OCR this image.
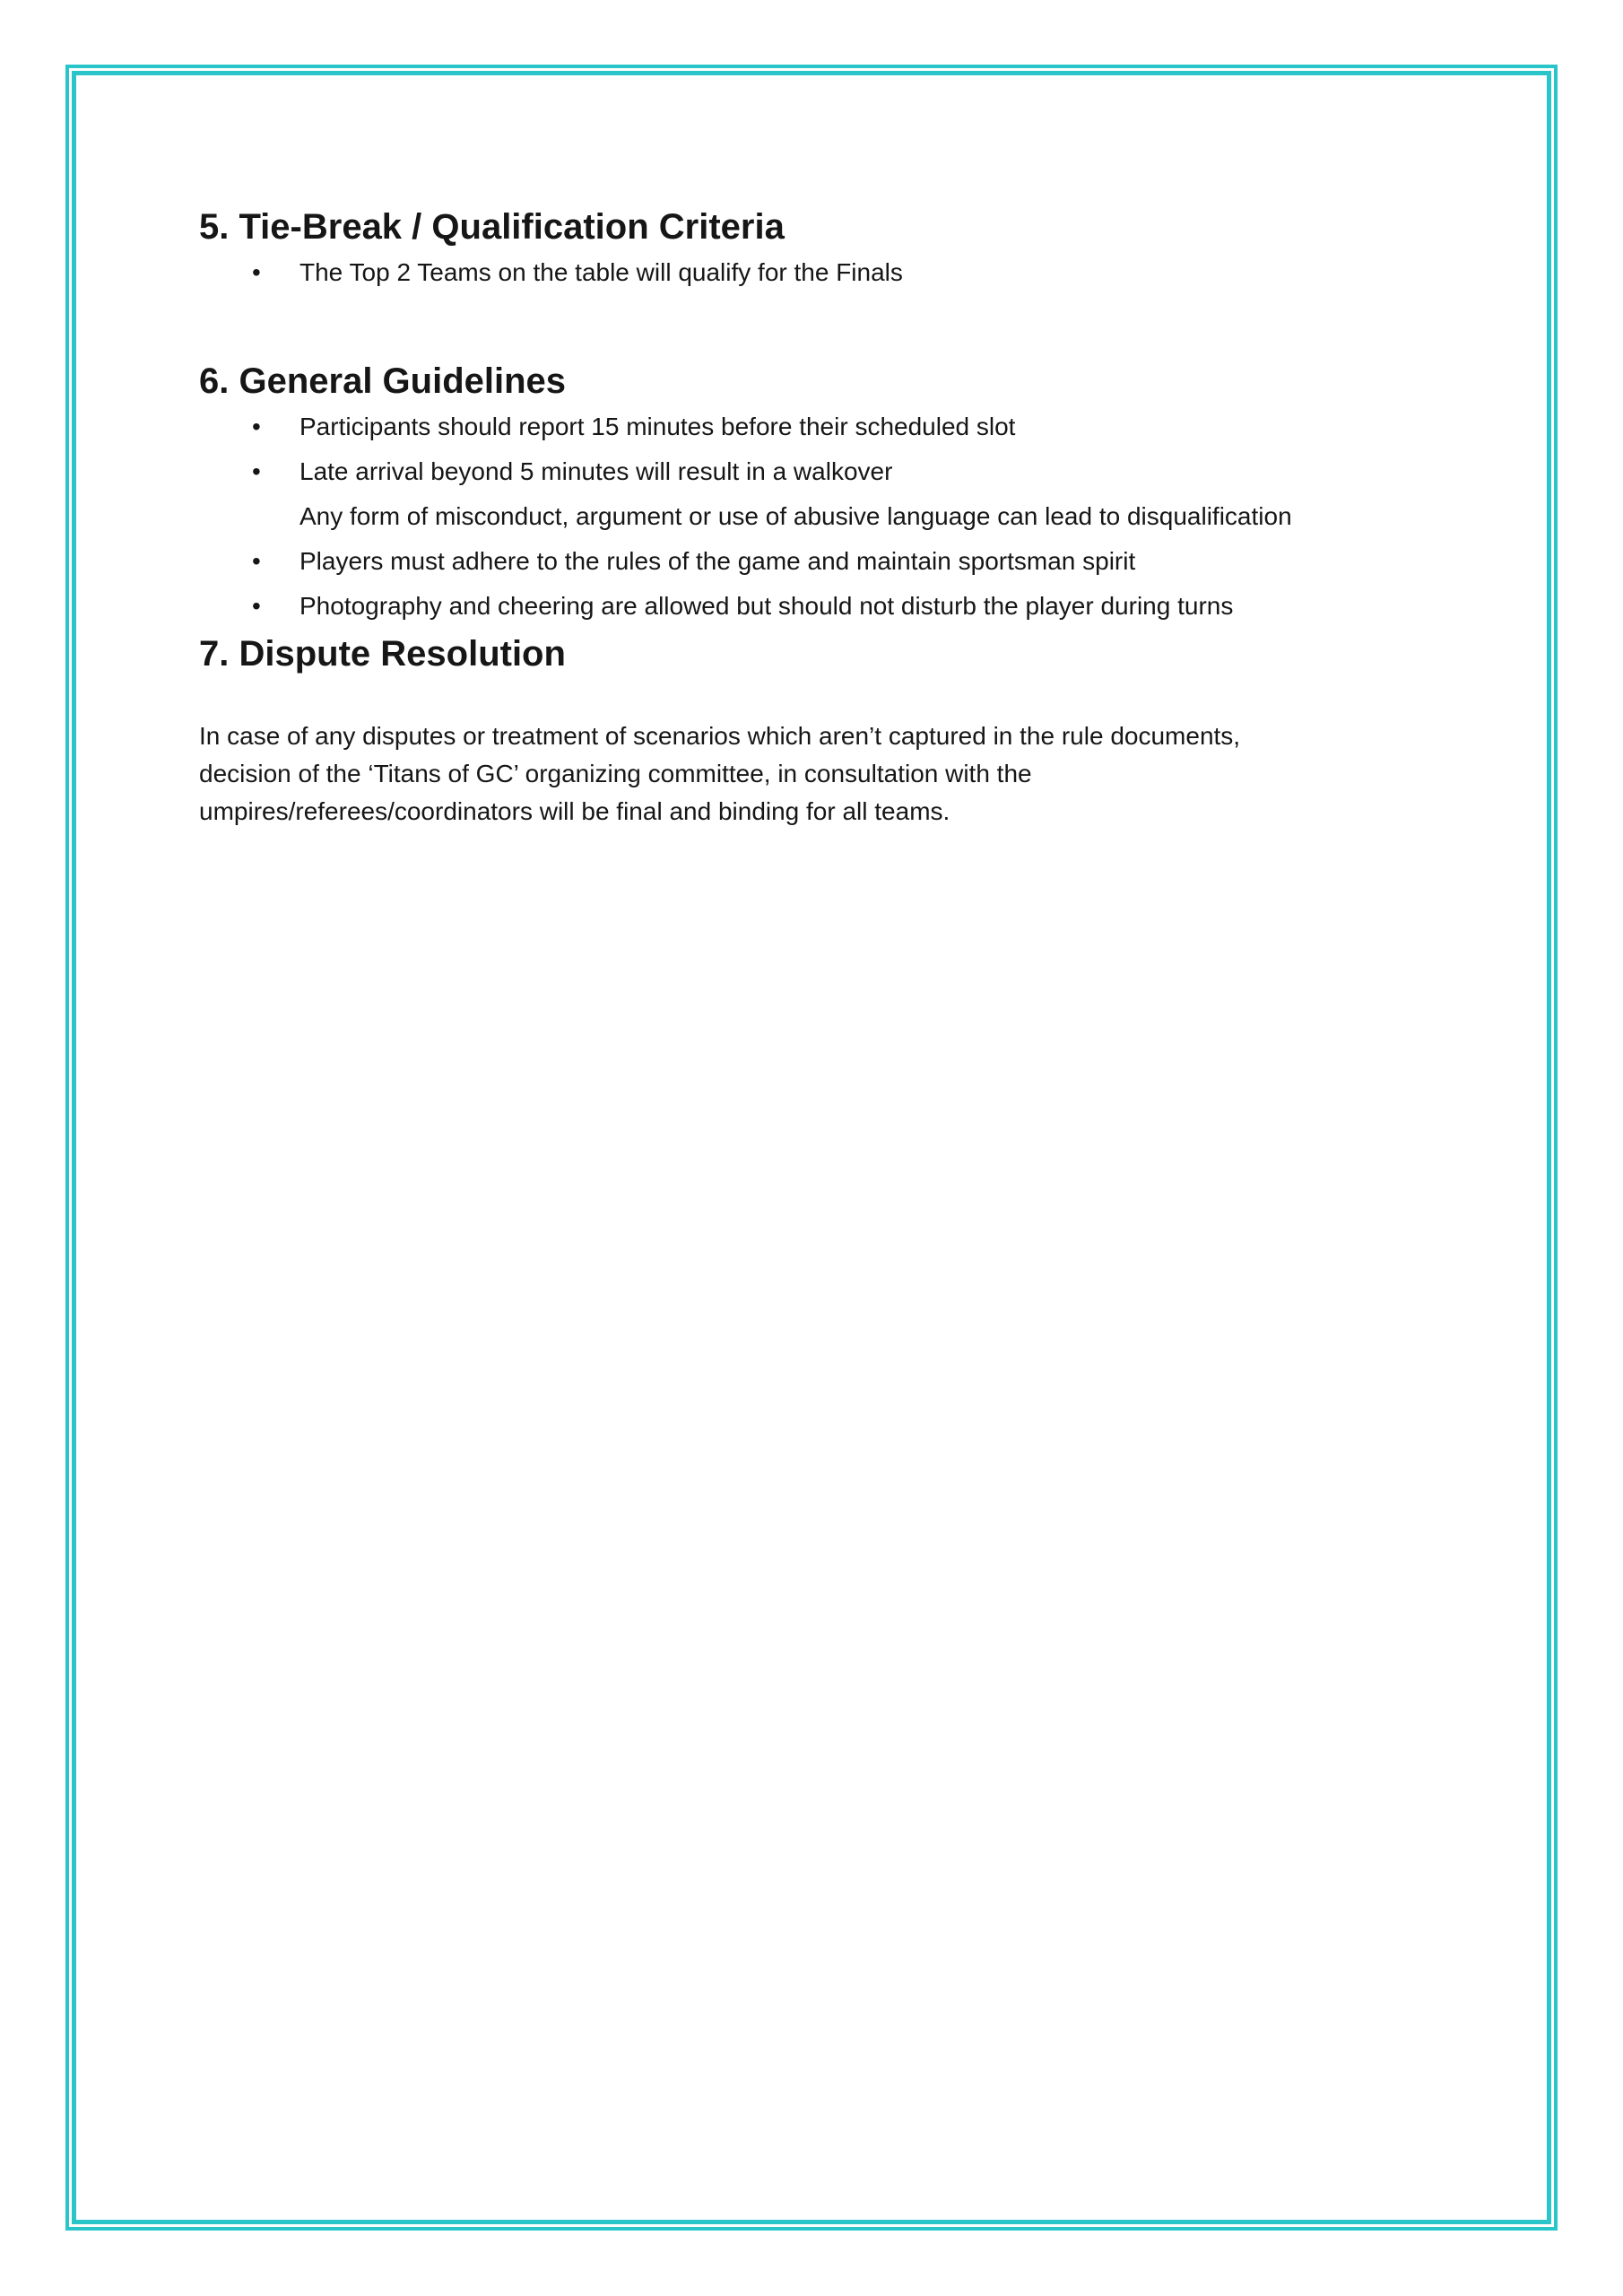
5. Tie-Break / Qualification Criteria
•	The Top 2 Teams on the table will qualify for the Finals
6. General Guidelines
•	Participants should report 15 minutes before their scheduled slot
•	Late arrival beyond 5 minutes will result in a walkover
Any form of misconduct, argument or use of abusive language can lead to disqualification
•	Players must adhere to the rules of the game and maintain sportsman spirit
•	Photography and cheering are allowed but should not disturb the player during turns
7. Dispute Resolution

In case of any disputes or treatment of scenarios which aren’t captured in the rule documents,
decision of the ‘Titans of GC’ organizing committee, in consultation with the
umpires/referees/coordinators will be final and binding for all teams.
